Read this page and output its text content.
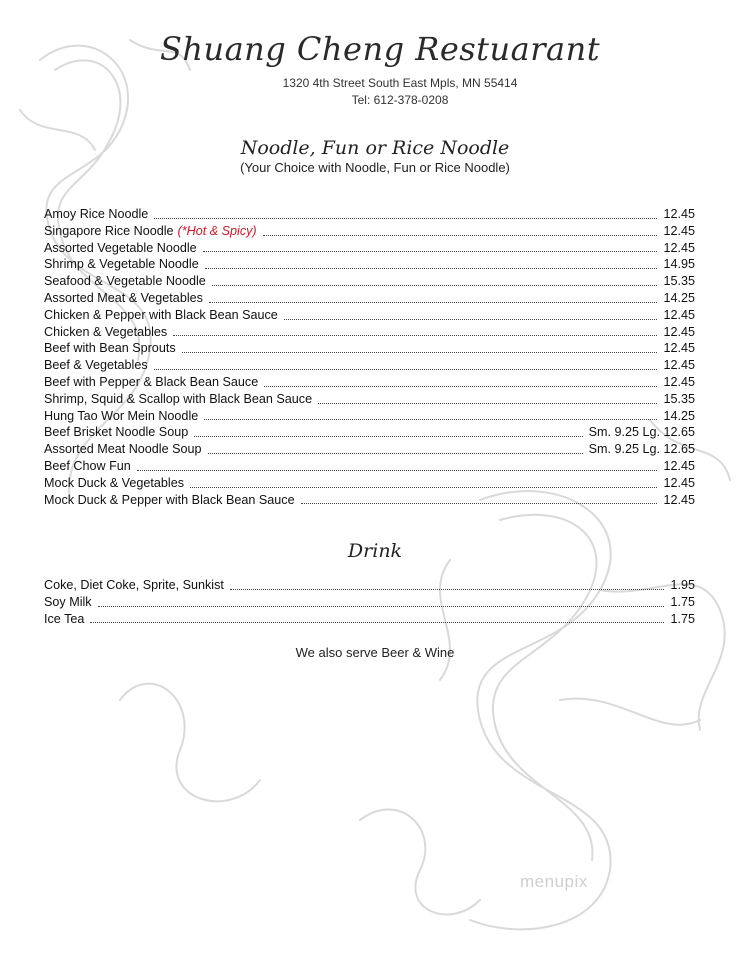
Shuang Cheng Restuarant
1320 4th Street South East Mpls, MN 55414
Tel: 612-378-0208
Noodle, Fun or Rice Noodle
(Your Choice with Noodle, Fun or Rice Noodle)
Amoy Rice Noodle	12.45
Singapore Rice Noodle (*Hot & Spicy)	12.45
Assorted Vegetable Noodle	12.45
Shrimp & Vegetable Noodle	14.95
Seafood & Vegetable Noodle	15.35
Assorted Meat & Vegetables	14.25
Chicken & Pepper with Black Bean Sauce	12.45
Chicken & Vegetables	12.45
Beef with Bean Sprouts	12.45
Beef & Vegetables	12.45
Beef with Pepper & Black Bean Sauce	12.45
Shrimp, Squid & Scallop with Black Bean Sauce	15.35
Hung Tao Wor Mein Noodle	14.25
Beef Brisket Noodle Soup	Sm. 9.25 Lg. 12.65
Assorted Meat Noodle Soup	Sm. 9.25 Lg. 12.65
Beef Chow Fun	12.45
Mock Duck & Vegetables	12.45
Mock Duck & Pepper with Black Bean Sauce	12.45
Drink
Coke, Diet Coke, Sprite, Sunkist	1.95
Soy Milk	1.75
Ice Tea	1.75
We also serve Beer & Wine
menupix
